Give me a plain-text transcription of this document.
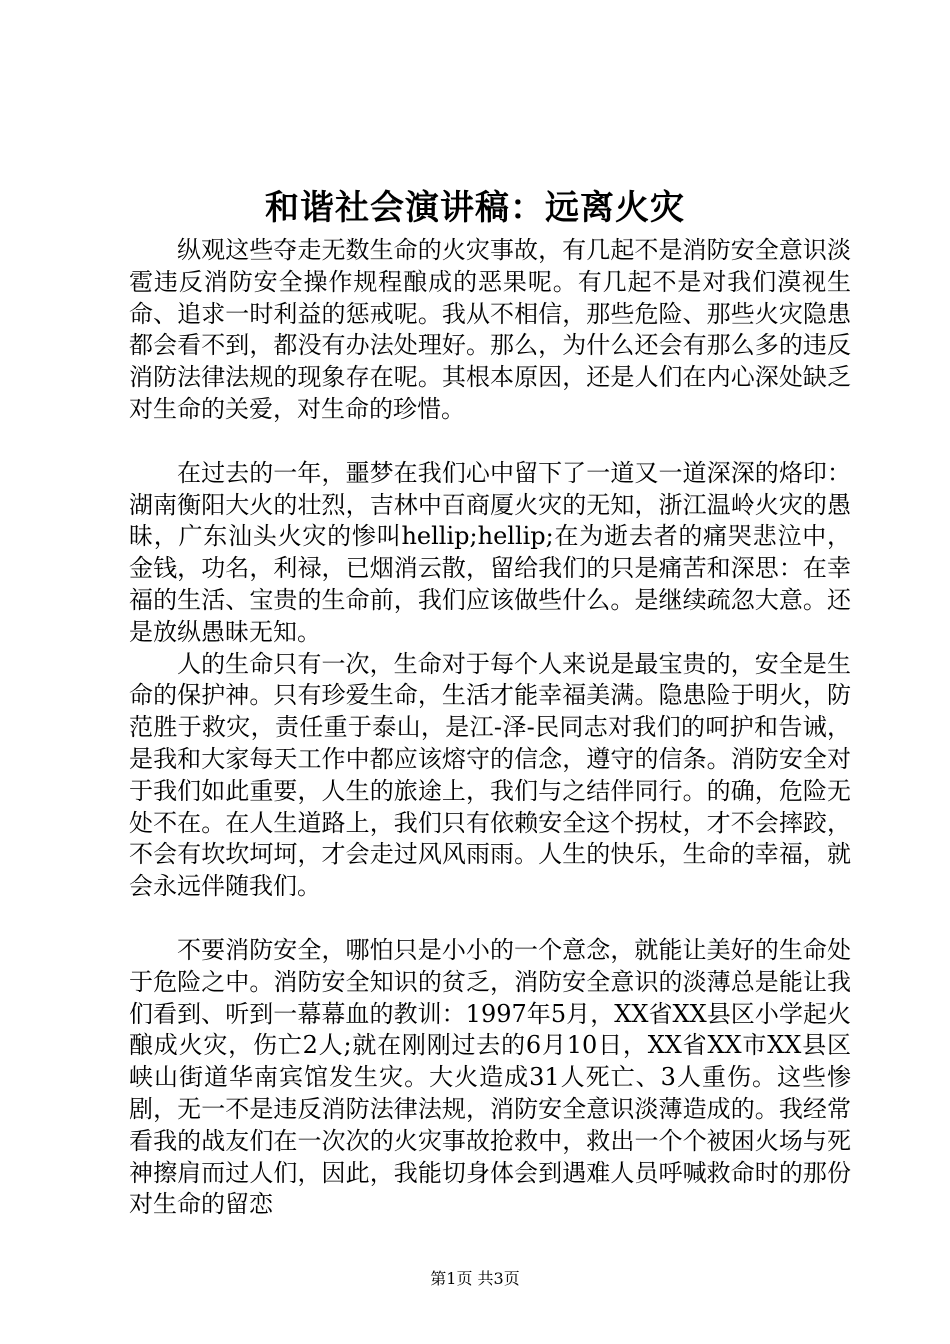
和谐社会演讲稿：远离火灾

纵观这些夺走无数生命的火灾事故，有几起不是消防安全意识淡雹违反消防安全操作规程酿成的恶果呢。有几起不是对我们漠视生命、追求一时利益的惩戒呢。我从不相信，那些危险、那些火灾隐患都会看不到，都没有办法处理好。那么，为什么还会有那么多的违反消防法律法规的现象存在呢。其根本原因，还是人们在内心深处缺乏对生命的关爱，对生命的珍惜。

在过去的一年，噩梦在我们心中留下了一道又一道深深的烙印：湖南衡阳大火的壮烈，吉林中百商厦火灾的无知，浙江温岭火灾的愚昧，广东汕头火灾的惨叫hellip;hellip;在为逝去者的痛哭悲泣中，金钱，功名，利禄，已烟消云散，留给我们的只是痛苦和深思：在幸福的生活、宝贵的生命前，我们应该做些什么。是继续疏忽大意。还是放纵愚昧无知。

人的生命只有一次，生命对于每个人来说是最宝贵的，安全是生命的保护神。只有珍爱生命，生活才能幸福美满。隐患险于明火，防范胜于救灾，责任重于泰山，是江-泽-民同志对我们的呵护和告诫，是我和大家每天工作中都应该熔守的信念，遵守的信条。消防安全对于我们如此重要，人生的旅途上，我们与之结伴同行。的确，危险无处不在。在人生道路上，我们只有依赖安全这个拐杖，才不会摔跤，不会有坎坎坷坷，才会走过风风雨雨。人生的快乐，生命的幸福，就会永远伴随我们。

不要消防安全，哪怕只是小小的一个意念，就能让美好的生命处于危险之中。消防安全知识的贫乏，消防安全意识的淡薄总是能让我们看到、听到一幕幕血的教训：1997年5月，XX省XX县区小学起火酿成火灾，伤亡2人;就在刚刚过去的6月10日，XX省XX市XX县区峡山街道华南宾馆发生灾。大火造成31人死亡、3人重伤。这些惨剧，无一不是违反消防法律法规，消防安全意识淡薄造成的。我经常看我的战友们在一次次的火灾事故抢救中，救出一个个被困火场与死神擦肩而过人们，因此，我能切身体会到遇难人员呼喊救命时的那份对生命的留恋

第1页 共3页
